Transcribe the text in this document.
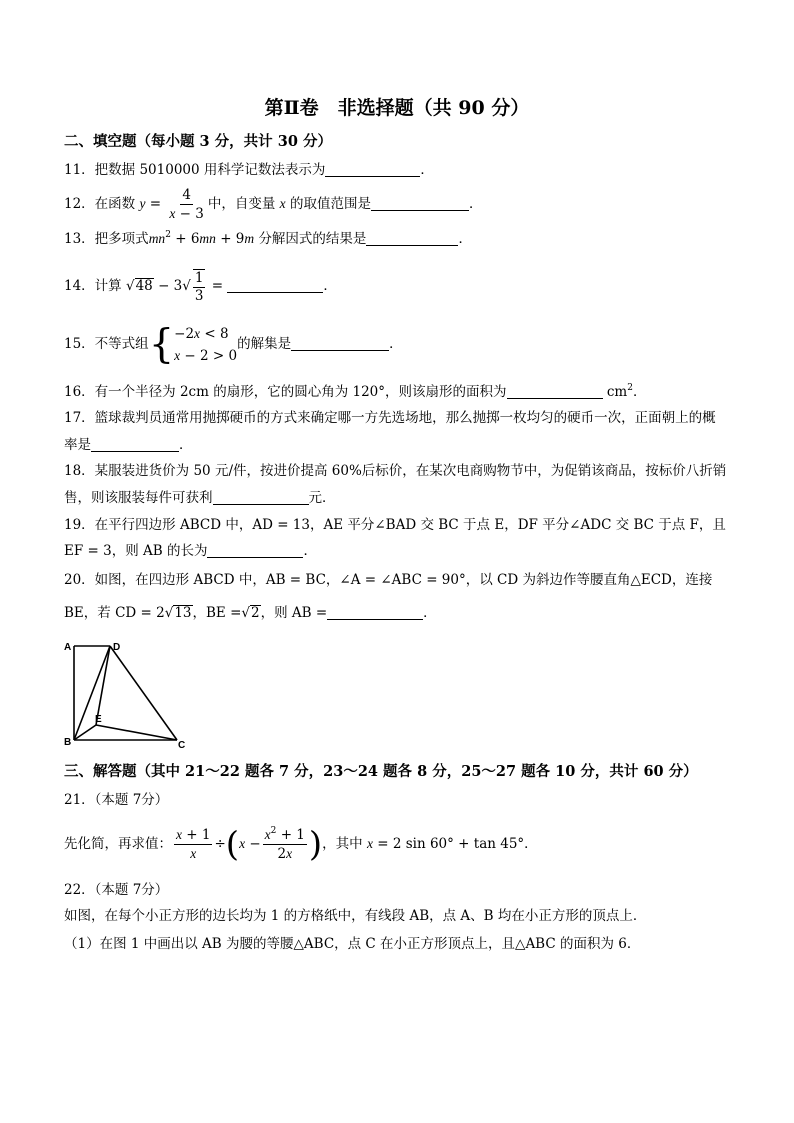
第Ⅱ卷　非选择题（共 90 分）
二、填空题（每小题 3 分，共计 30 分）
11．把数据 5010000 用科学记数法表示为	．
12．在函数 $y = \frac{4}{x - 3}$ 中，自变量 x 的取值范围是	．
13．把多项式$mn^2 + 6mn + 9m$ 分解因式的结果是	．
14．计算 $√48 - 3√ \frac{1}{3}$ =	．
15．不等式组{ −2x < 8
x − 2 > 0
的解集是	．
16．有一个半径为 2cm 的扇形，它的圆心角为 120°，则该扇形的面积为	$cm^2$．
17．篮球裁判员通常用抛掷硬币的方式来确定哪一方先选场地，那么抛掷一枚均匀的硬币一次，正面朝上的概
率是	．
18．某服装进货价为 50 元/件，按进价提高 60%后标价，在某次电商购物节中，为促销该商品，按标价八折销
售，则该服装每件可获利	元．
19．在平行四边形 ABCD 中，AD = 13，AE 平分∠BAD 交 BC 于点 E，DF 平分∠ADC 交 BC 于点 F，且
EF = 3，则 AB 的长为	．
20．如图，在四边形 ABCD 中，AB = BC，∠A = ∠ABC = 90°，以 CD 为斜边作等腰直角△ECD，连接
BE，若 CD = 2√13，BE =√2，则 AB =	．
A	D
E
B	C
三、解答题（其中 21～22 题各 7 分，23～24 题各 8 分，25～27 题各 10 分，共计 60 分）
21．（本题 7分）
先化简，再求值： $\frac{x + 1}{x} \div(x - \frac{x^2 + 1}{2x}$ )，其中 x = 2 sin 60° + tan 45°．
22．（本题 7分）
如图，在每个小正方形的边长均为 1 的方格纸中，有线段 AB，点 A、B 均在小正方形的顶点上．
（1）在图 1 中画出以 AB 为腰的等腰△ABC，点 C 在小正方形顶点上，且△ABC 的面积为 6．
